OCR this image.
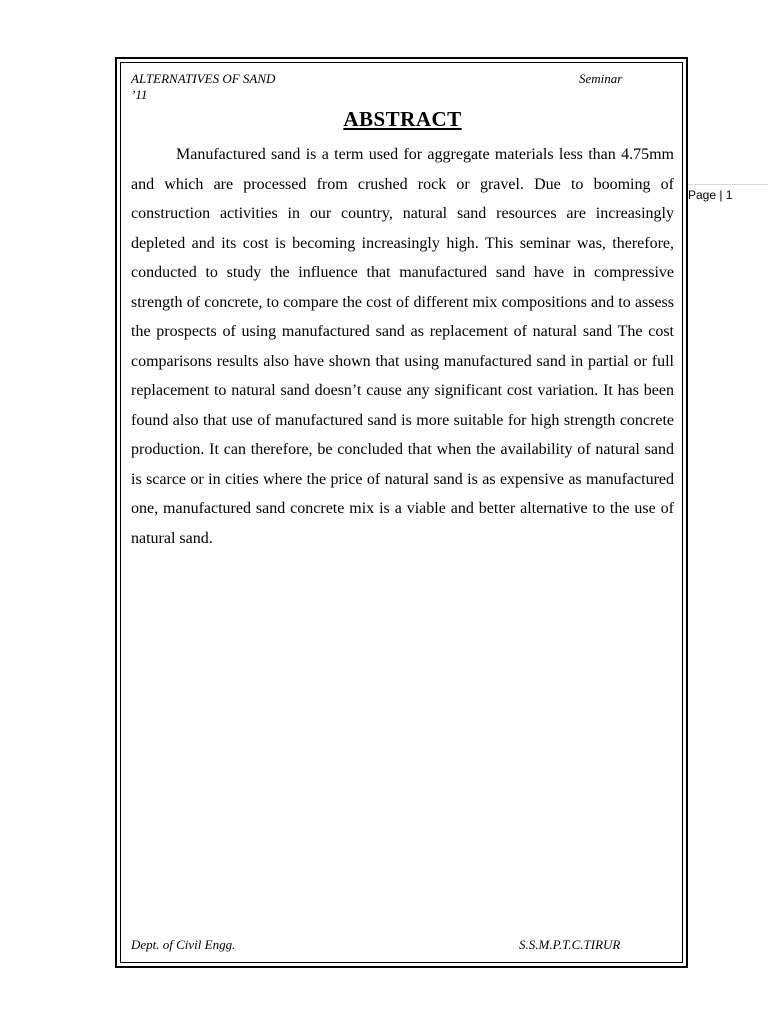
ALTERNATIVES OF SAND	Seminar
’11
ABSTRACT

Manufactured sand is a term used for aggregate materials less than 4.75mm and which are processed from crushed rock or gravel. Due to booming of construction activities in our country, natural sand resources are increasingly depleted and its cost is becoming increasingly high. This seminar was, therefore, conducted to study the influence that manufactured sand have in compressive strength of concrete, to compare the cost of different mix compositions and to assess the prospects of using manufactured sand as replacement of natural sand The cost comparisons results also have shown that using manufactured sand in partial or full replacement to natural sand doesn’t cause any significant cost variation. It has been found also that use of manufactured sand is more suitable for high strength concrete production. It can therefore, be concluded that when the availability of natural sand is scarce or in cities where the price of natural sand is as expensive as manufactured one, manufactured sand concrete mix is a viable and better alternative to the use of natural sand.

Page | 1
Dept. of Civil Engg.	S.S.M.P.T.C.TIRUR
